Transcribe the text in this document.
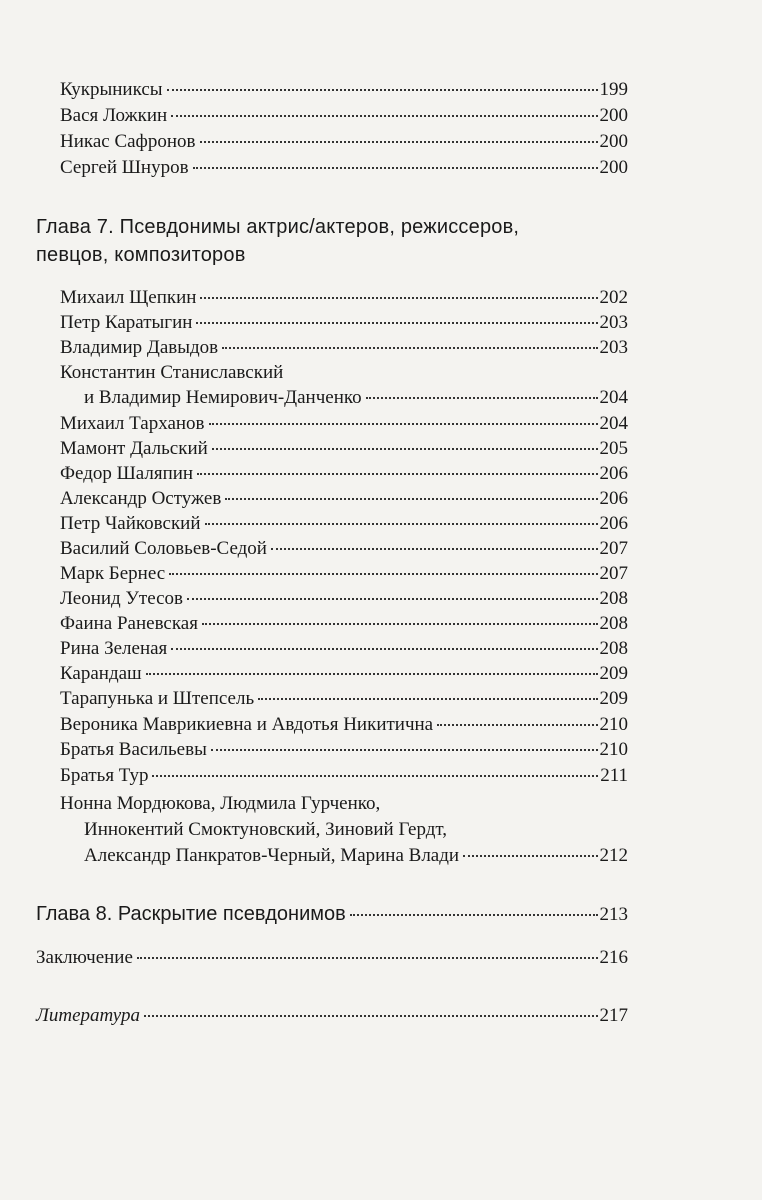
Кукрыниксы	199
Вася Ложкин	200
Никас Сафронов	200
Сергей Шнуров	200
Глава 7. Псевдонимы актрис/актеров, режиссеров,
певцов, композиторов
Михаил Щепкин	202
Петр Каратыгин	203
Владимир Давыдов	203
Константин Станиславский
и Владимир Немирович-Данченко	204
Михаил Тарханов	204
Мамонт Дальский	205
Федор Шаляпин	206
Александр Остужев	206
Петр Чайковский	206
Василий Соловьев-Седой	207
Марк Бернес	207
Леонид Утесов	208
Фаина Раневская	208
Рина Зеленая	208
Карандаш	209
Тарапунька и Штепсель	209
Вероника Маврикиевна и Авдотья Никитична	210
Братья Васильевы	210
Братья Тур	211
Нонна Мордюкова, Людмила Гурченко,
Иннокентий Смоктуновский, Зиновий Гердт,
Александр Панкратов-Черный, Марина Влади	212
Глава 8. Раскрытие псевдонимов	213
Заключение	216
Литература	217
